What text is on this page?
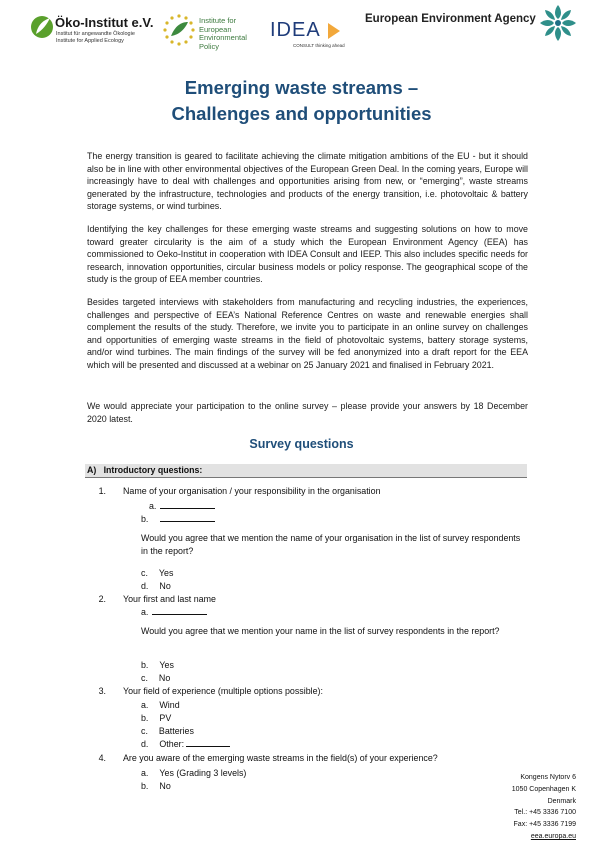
Öko-Institut e.V.
Institut für angewandte Ökologie
Institute for Applied Ecology
Institute for
European
Environmental
Policy
IDEA
CONSULT thinking ahead
European Environment Agency
Emerging waste streams –
Challenges and opportunities
The energy transition is geared to facilitate achieving the climate mitigation ambitions of the EU - but it should also be in line with other environmental objectives of the European Green Deal. In the coming years, Europe will increasingly have to deal with challenges and opportunities arising from new, or “emerging”, waste streams generated by the infrastructure, technologies and products of the energy transition, i.e. photovoltaic & battery storage systems, or wind turbines.
Identifying the key challenges for these emerging waste streams and suggesting solutions on how to move toward greater circularity is the aim of a study which the European Environment Agency (EEA) has commissioned to Oeko-Institut in cooperation with IDEA Consult and IEEP. This also includes specific needs for research, innovation opportunities, circular business models or policy response. The geographical scope of the study is the group of EEA member countries.
Besides targeted interviews with stakeholders from manufacturing and recycling industries, the experiences, challenges and perspective of EEA’s National Reference Centres on waste and renewable energies shall complement the results of the study. Therefore, we invite you to participate in an online survey on challenges and opportunities of emerging waste streams in the field of photovoltaic systems, battery storage systems, and/or wind turbines. The main findings of the survey will be fed anonymized into a draft report for the EEA which will be presented and discussed at a webinar on 25 January 2021 and finalised in February 2021.
We would appreciate your participation to the online survey – please provide your answers by 18 December 2020 latest.
Survey questions
A)   Introductory questions:
1. Name of your organisation / your responsibility in the organisation
a.
b.
Would you agree that we mention the name of your organisation in the list of survey respondents in the report?
c. Yes
d. No
2. Your first and last name
a.
Would you agree that we mention your name in the list of survey respondents in the report?
b. Yes
c. No
3. Your field of experience (multiple options possible):
a. Wind
b. PV
c. Batteries
d. Other:
4. Are you aware of the emerging waste streams in the field(s) of your experience?
a. Yes (Grading 3 levels)
b. No
Kongens Nytorv 6
1050 Copenhagen K
Denmark
Tel.: +45 3336 7100
Fax: +45 3336 7199
eea.europa.eu
